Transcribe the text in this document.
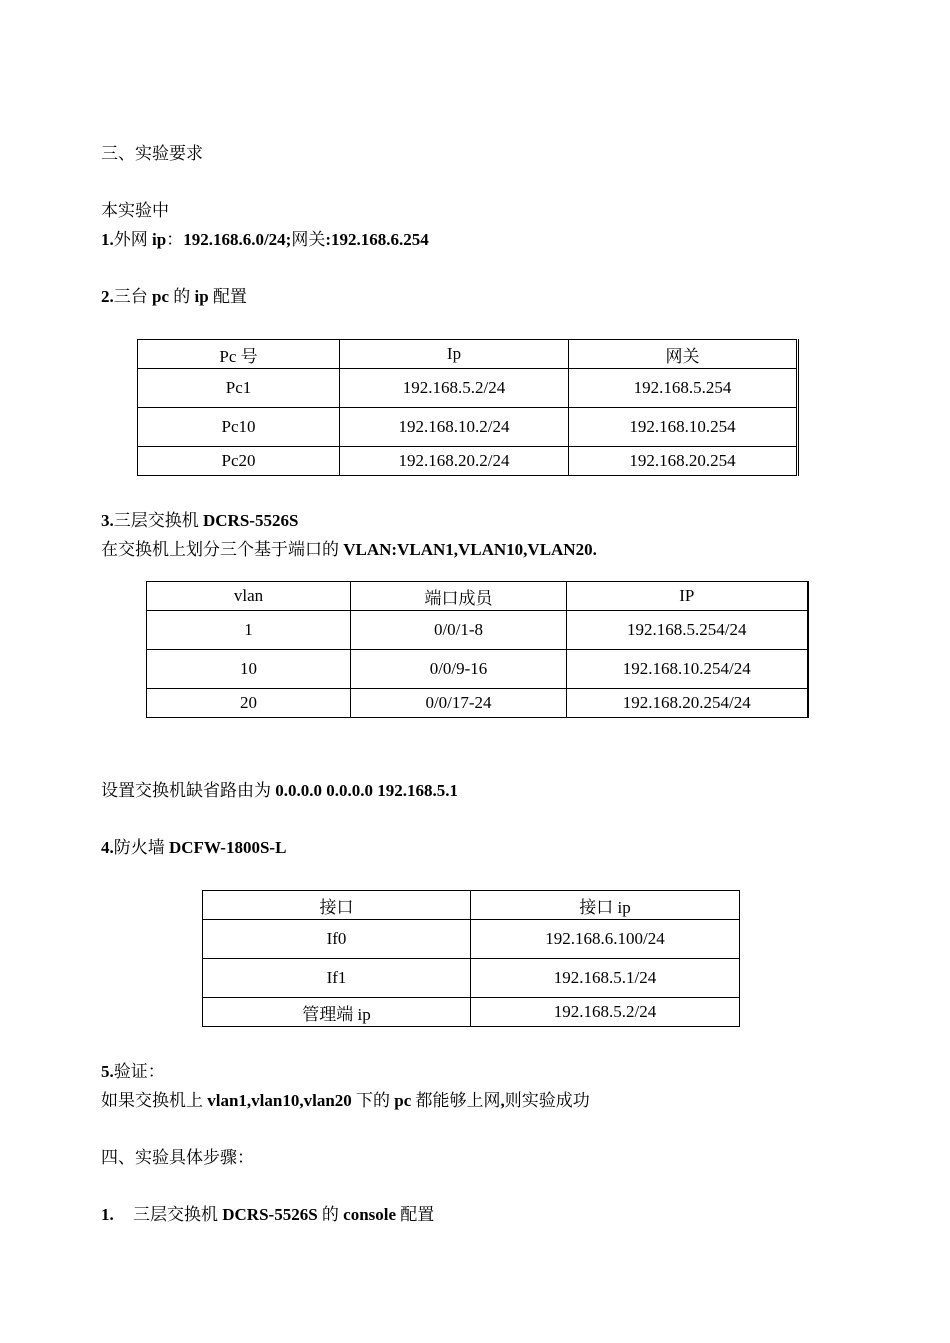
三、实验要求
本实验中
1.外网 ip：192.168.6.0/24;网关:192.168.6.254
2.三台 pc 的 ip 配置
Pc 号	Ip	网关
Pc1	192.168.5.2/24	192.168.5.254
Pc10	192.168.10.2/24	192.168.10.254
Pc20	192.168.20.2/24	192.168.20.254
3.三层交换机 DCRS-5526S
在交换机上划分三个基于端口的 VLAN:VLAN1,VLAN10,VLAN20.
vlan	端口成员	IP
1	0/0/1-8	192.168.5.254/24
10	0/0/9-16	192.168.10.254/24
20	0/0/17-24	192.168.20.254/24
设置交换机缺省路由为 0.0.0.0 0.0.0.0 192.168.5.1
4.防火墙 DCFW-1800S-L
接口	接口 ip
If0	192.168.6.100/24
If1	192.168.5.1/24
管理端 ip	192.168.5.2/24
5.验证：
如果交换机上 vlan1,vlan10,vlan20 下的 pc 都能够上网,则实验成功
四、实验具体步骤：
1. 三层交换机 DCRS-5526S 的 console 配置
